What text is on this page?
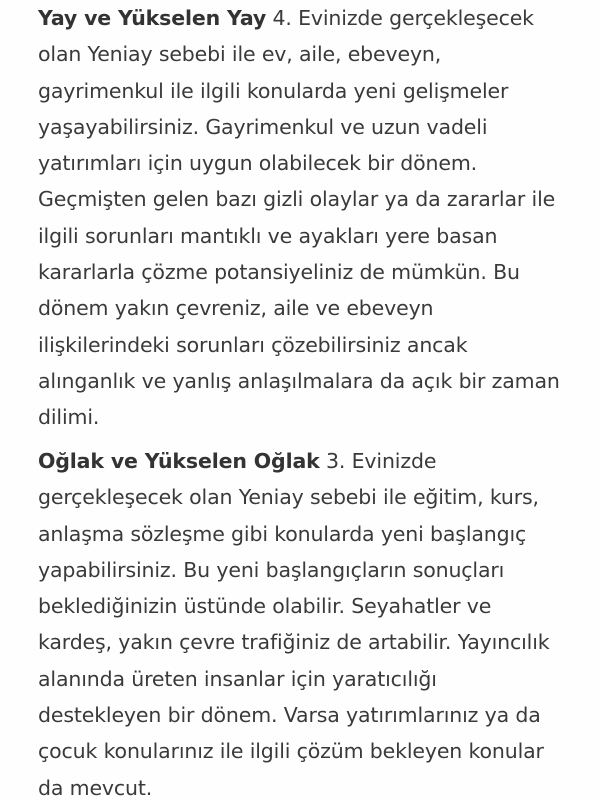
Yay ve Yükselen Yay 4. Evinizde gerçekleşecek
olan Yeniay sebebi ile ev, aile, ebeveyn,
gayrimenkul ile ilgili konularda yeni gelişmeler
yaşayabilirsiniz. Gayrimenkul ve uzun vadeli
yatırımları için uygun olabilecek bir dönem.
Geçmişten gelen bazı gizli olaylar ya da zararlar ile
ilgili sorunları mantıklı ve ayakları yere basan
kararlarla çözme potansiyeliniz de mümkün. Bu
dönem yakın çevreniz, aile ve ebeveyn
ilişkilerindeki sorunları çözebilirsiniz ancak
alınganlık ve yanlış anlaşılmalara da açık bir zaman
dilimi.

Oğlak ve Yükselen Oğlak 3. Evinizde
gerçekleşecek olan Yeniay sebebi ile eğitim, kurs,
anlaşma sözleşme gibi konularda yeni başlangıç
yapabilirsiniz. Bu yeni başlangıçların sonuçları
beklediğinizin üstünde olabilir. Seyahatler ve
kardeş, yakın çevre trafiğiniz de artabilir. Yayıncılık
alanında üreten insanlar için yaratıcılığı
destekleyen bir dönem. Varsa yatırımlarınız ya da
çocuk konularınız ile ilgili çözüm bekleyen konular
da mevcut.
